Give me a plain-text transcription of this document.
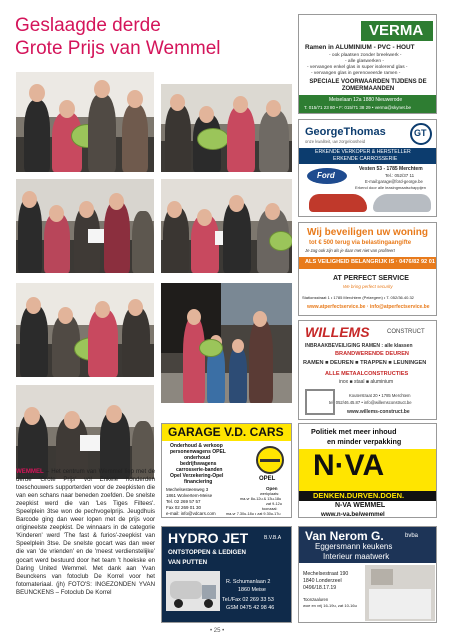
Geslaagde derde
Grote Prijs van Wemmel
WEMMEL – Het centrum van Wemmel liep met de derde 'Grote Prijs' vol Enkele honderden toeschouwers supporterden voor de zeepkisten die van een schans naar beneden zoefden. De snelste zeepkist werd die van 'Les Tiges Filtees'. Speelplein 3tse won de pechvogelprijs. Jeugdhuis Barcode ging dan weer lopen met de prijs voor origineelste zeepkist. De winnaars in de categorie 'Kinderen' werd 'The fast & furios'-zeepkist van Speelplein 3tse. De snelste gocart was dan weer die van 'de vrienden' en de 'meest verdienstelijke' gocart werd bestuurd door het team 't hoekske en Daring United Wemmel. Met dank aan Yvan Beunckens van fotoclub De Korrel voor het fotomateriaal. (jh) FOTO'S: INGEZONDEN YVAN BEUNCKENS – Fotoclub De Korrel
VERMA
Ramen in ALUMINIUM - PVC - HOUT
- ook plaatsen zonder breekwerk -
- alle glaswerken -
- vervangen enkel glas in super isolerend glas -
- vervangen glas in gerenoveerde ramen -
SPECIALE VOORWAARDEN TIJDENS DE ZOMERMAANDEN
Meiselaan 12a 1880 Nieuwerode
T. 015/71 23 80 • F: 015/71 38 29 • verma@skynet.be
GeorgeThomas
onze kwaliteit, uw zorgeloosheid
GT
ERKENDE VERKOPER & HERSTELLER
ERKENDE CARROSSERIE
Ford
Vesten 53 - 1785 Merchtem
Tel.: 052/37 11
E-mail:garage@ford-george.be
Erkend door alle leasingmaatschappijen
Wij beveiligen uw woning
tot € 500 terug via belastingaangifte
Je zag ook zijn als je daar met niet van profiteert
ALS VEILIGHEID BELANGRIJK IS · 0476/82 92 01
AT PERFECT SERVICE
We bring perfect security
Stationsstraat 1 • 1785 Merchtem (Peizegem) • T. 052/36.40.32
www.atperfectservice.be · info@atperfectservice.be
WILLEMS	CONSTRUCT
INBRAAKBEVEILIGING RAMEN : alle klassen
BRANDWERENDE DEUREN
RAMEN ■ DEUREN ■ TRAPPEN ■ LEUNINGEN
ALLE METAALCONSTRUCTIES
inox ■ staal ■ aluminium
Kouterstraat 20 • 1785 Merchtem
tel. 052/46.45.87 • info@willemsconstruct.be
www.willems-construct.be
GARAGE V.D. CARS
Onderhoud & verkoop
personenwagens OPEL
onderhoud
bedrijfswagens
carrosserie-banden
Opel Verzekering-Opel
financiering	OPEL
Mechelsesteenweg 3
1861 Wolvertem-Meise
Tel. 02 269 57 57
Fax 02 269 01 30
e-mail: info@vdcars.com
Open
werkplaats:
ma-vr 8u-12u & 13u-18u
zat 9-12u
toonzaal:
ma-vr 7.30u-18u • zat 9.30u-17u
Politiek met meer inhoud
en minder verpakking
N·VA
DENKEN.DURVEN.DOEN.
N-VA WEMMEL
www.n-va.be/wemmel
HYDRO JET	B.V.B.A
ONTSTOPPEN & LEDIGEN
VAN PUTTEN
R. Schumanlaan 2
1860 Meise
Tel./Fax 02 269 33 53
GSM 0475 42 98 46
Van Nerom G.	bvba
Eggersmann keukens
Interieur maatwerk
Mechelsestraat 190
1840 Londerzeel
0496/18.17.19
Toonzaaluren
woe en vrij 16-19u, zat 10-16u
• 25 •
